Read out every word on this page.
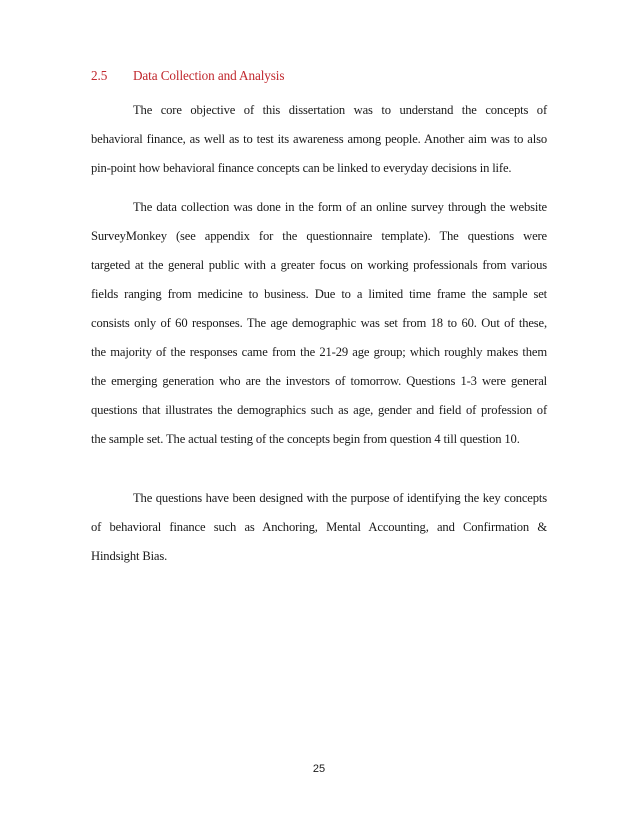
2.5 Data Collection and Analysis
The core objective of this dissertation was to understand the concepts of
behavioral finance, as well as to test its awareness among people. Another aim was to also
pin-point how behavioral finance concepts can be linked to everyday decisions in life.
The data collection was done in the form of an online survey through the website
SurveyMonkey (see appendix for the questionnaire template). The questions were
targeted at the general public with a greater focus on working professionals from various
fields ranging from medicine to business. Due to a limited time frame the sample set
consists only of 60 responses. The age demographic was set from 18 to 60. Out of these,
the majority of the responses came from the 21-29 age group; which roughly makes them
the emerging generation who are the investors of tomorrow. Questions 1-3 were general
questions that illustrates the demographics such as age, gender and field of profession of
the sample set. The actual testing of the concepts begin from question 4 till question 10.
The questions have been designed with the purpose of identifying the key concepts
of behavioral finance such as Anchoring, Mental Accounting, and Confirmation &
Hindsight Bias.
25
